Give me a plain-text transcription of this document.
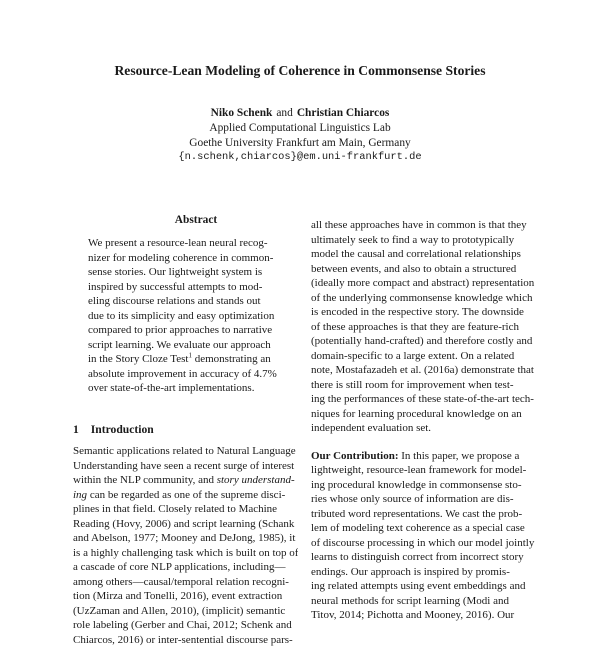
Resource-Lean Modeling of Coherence in Commonsense Stories
Niko Schenk and Christian Chiarcos
Applied Computational Linguistics Lab
Goethe University Frankfurt am Main, Germany
{n.schenk,chiarcos}@em.uni-frankfurt.de
Abstract
We present a resource-lean neural recog-
nizer for modeling coherence in common-
sense stories. Our lightweight system is
inspired by successful attempts to mod-
eling discourse relations and stands out
due to its simplicity and easy optimization
compared to prior approaches to narrative
script learning. We evaluate our approach
in the Story Cloze Test$^1$ demonstrating an
absolute improvement in accuracy of 4.7%
over state-of-the-art implementations.
1 Introduction
Semantic applications related to Natural Language
Understanding have seen a recent surge of interest
within the NLP community, and story understand-
ing can be regarded as one of the supreme disci-
plines in that field. Closely related to Machine
Reading (Hovy, 2006) and script learning (Schank
and Abelson, 1977; Mooney and DeJong, 1985), it
is a highly challenging task which is built on top of
a cascade of core NLP applications, including—
among others—causal/temporal relation recogni-
tion (Mirza and Tonelli, 2016), event extraction
(UzZaman and Allen, 2010), (implicit) semantic
role labeling (Gerber and Chai, 2012; Schenk and
Chiarcos, 2016) or inter-sentential discourse pars-
all these approaches have in common is that they
ultimately seek to find a way to prototypically
model the causal and correlational relationships
between events, and also to obtain a structured
(ideally more compact and abstract) representation
of the underlying commonsense knowledge which
is encoded in the respective story. The downside
of these approaches is that they are feature-rich
(potentially hand-crafted) and therefore costly and
domain-specific to a large extent. On a related
note, Mostafazadeh et al. (2016a) demonstrate that
there is still room for improvement when test-
ing the performances of these state-of-the-art tech-
niques for learning procedural knowledge on an
independent evaluation set.
Our Contribution: In this paper, we propose a
lightweight, resource-lean framework for model-
ing procedural knowledge in commonsense sto-
ries whose only source of information are dis-
tributed word representations. We cast the prob-
lem of modeling text coherence as a special case
of discourse processing in which our model jointly
learns to distinguish correct from incorrect story
endings. Our approach is inspired by promis-
ing related attempts using event embeddings and
neural methods for script learning (Modi and
Titov, 2014; Pichotta and Mooney, 2016). Our
